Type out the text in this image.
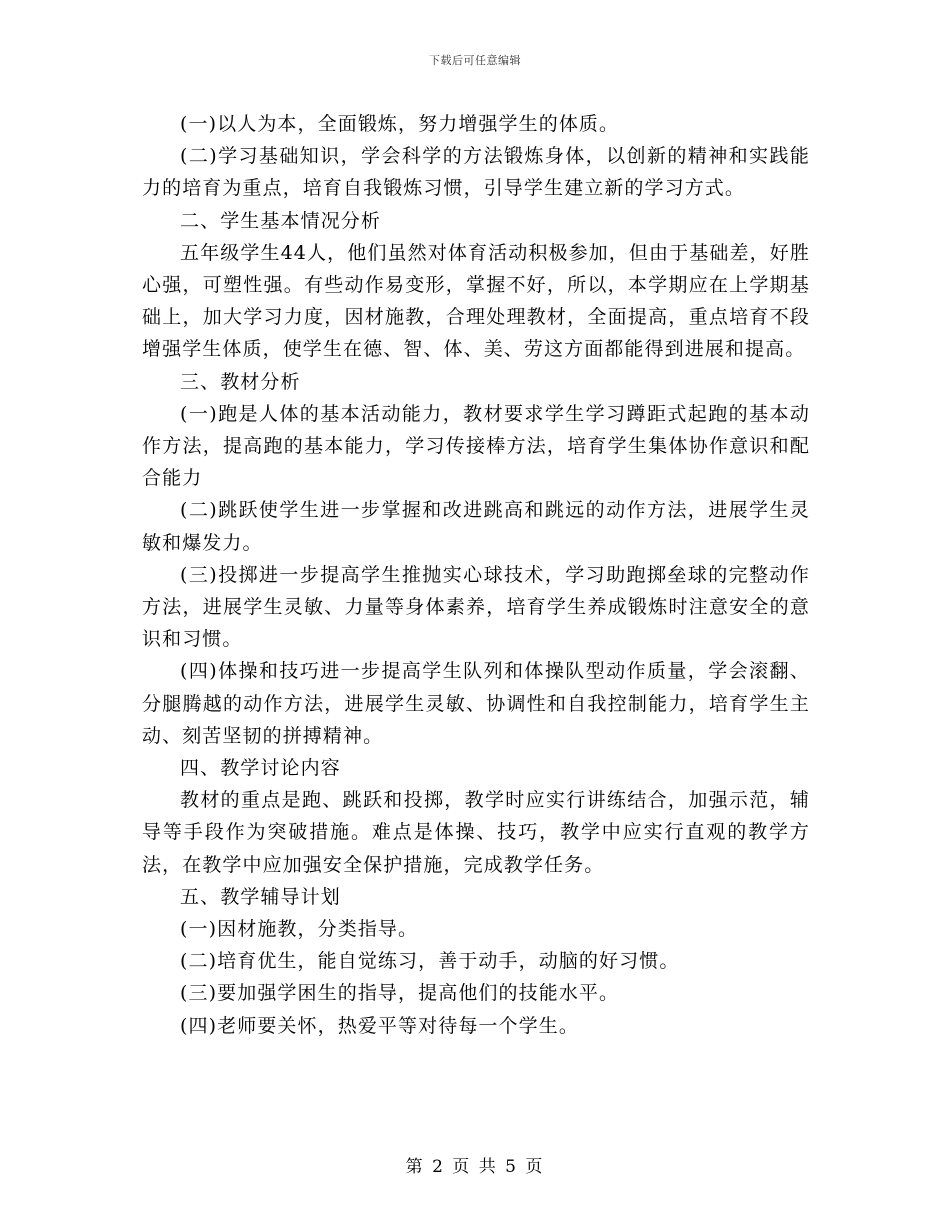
下载后可任意编辑

(一)以人为本，全面锻炼，努力增强学生的体质。

(二)学习基础知识，学会科学的方法锻炼身体，以创新的精神和实践能力的培育为重点，培育自我锻炼习惯，引导学生建立新的学习方式。

二、学生基本情况分析

五年级学生44人，他们虽然对体育活动积极参加，但由于基础差，好胜心强，可塑性强。有些动作易变形，掌握不好，所以，本学期应在上学期基础上，加大学习力度，因材施教，合理处理教材，全面提高，重点培育不段增强学生体质，使学生在德、智、体、美、劳这方面都能得到进展和提高。

三、教材分析

(一)跑是人体的基本活动能力，教材要求学生学习蹲距式起跑的基本动作方法，提高跑的基本能力，学习传接棒方法，培育学生集体协作意识和配合能力

(二)跳跃使学生进一步掌握和改进跳高和跳远的动作方法，进展学生灵敏和爆发力。

(三)投掷进一步提高学生推抛实心球技术，学习助跑掷垒球的完整动作方法，进展学生灵敏、力量等身体素养，培育学生养成锻炼时注意安全的意识和习惯。

(四)体操和技巧进一步提高学生队列和体操队型动作质量，学会滚翻、分腿腾越的动作方法，进展学生灵敏、协调性和自我控制能力，培育学生主动、刻苦坚韧的拼搏精神。

四、教学讨论内容

教材的重点是跑、跳跃和投掷，教学时应实行讲练结合，加强示范，辅导等手段作为突破措施。难点是体操、技巧，教学中应实行直观的教学方法，在教学中应加强安全保护措施，完成教学任务。

五、教学辅导计划

(一)因材施教，分类指导。

(二)培育优生，能自觉练习，善于动手，动脑的好习惯。

(三)要加强学困生的指导，提高他们的技能水平。

(四)老师要关怀，热爱平等对待每一个学生。

第 2 页 共 5 页
